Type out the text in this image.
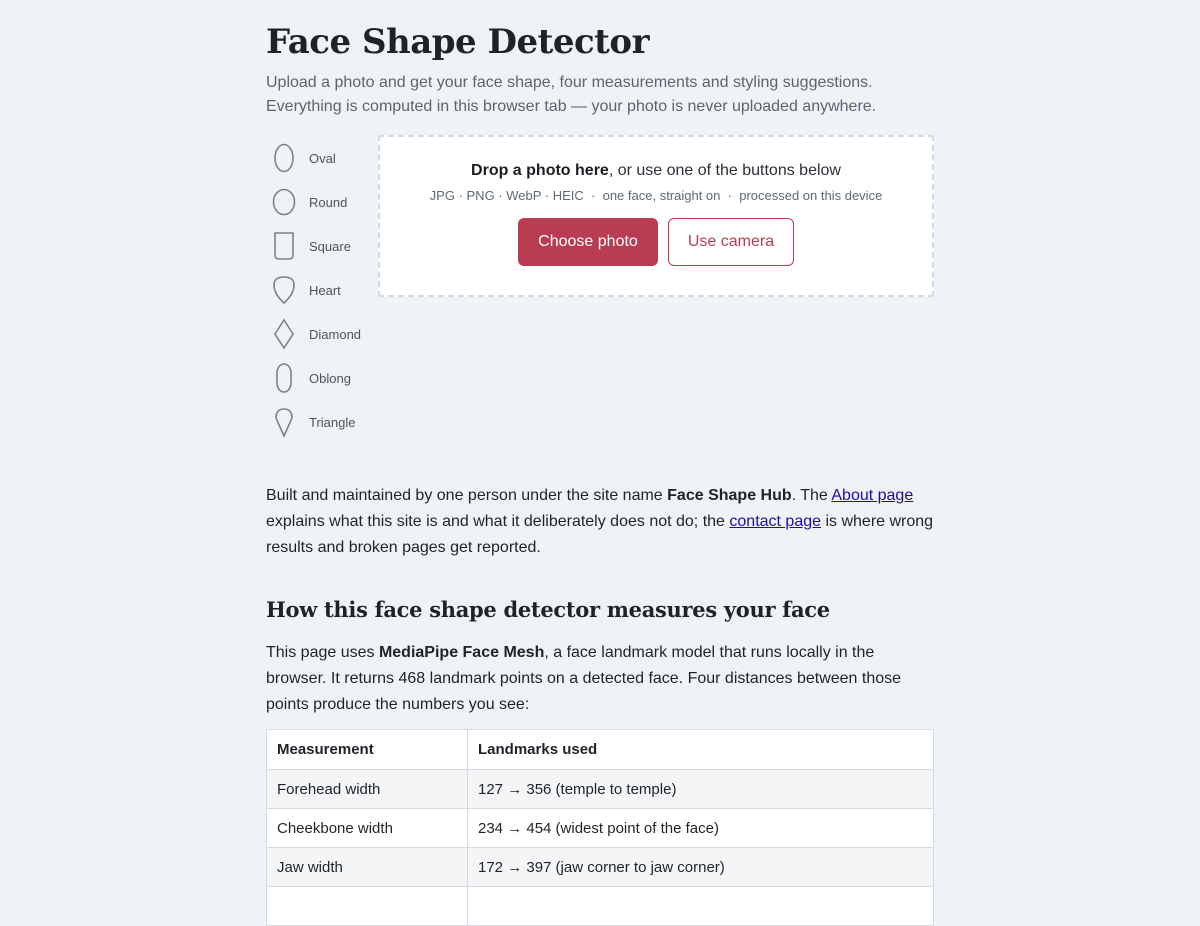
Face Shape Detector

Upload a photo and get your face shape, four measurements and styling suggestions.
Everything is computed in this browser tab — your photo is never uploaded anywhere.

Oval
Round
Square
Heart
Diamond
Oblong
Triangle
Drop a photo here, or use one of the buttons below
JPG · PNG · WebP · HEIC · one face, straight on · processed on this device
Choose photo	Use camera

Built and maintained by one person under the site name Face Shape Hub. The About page explains what this site is and what it deliberately does not do; the contact page is where wrong results and broken pages get reported.

How this face shape detector measures your face

This page uses MediaPipe Face Mesh, a face landmark model that runs locally in the browser. It returns 468 landmark points on a detected face. Four distances between those points produce the numbers you see:

Measurement	Landmarks used
Forehead width	127 → 356 (temple to temple)
Cheekbone width	234 → 454 (widest point of the face)
Jaw width	172 → 397 (jaw corner to jaw corner)
